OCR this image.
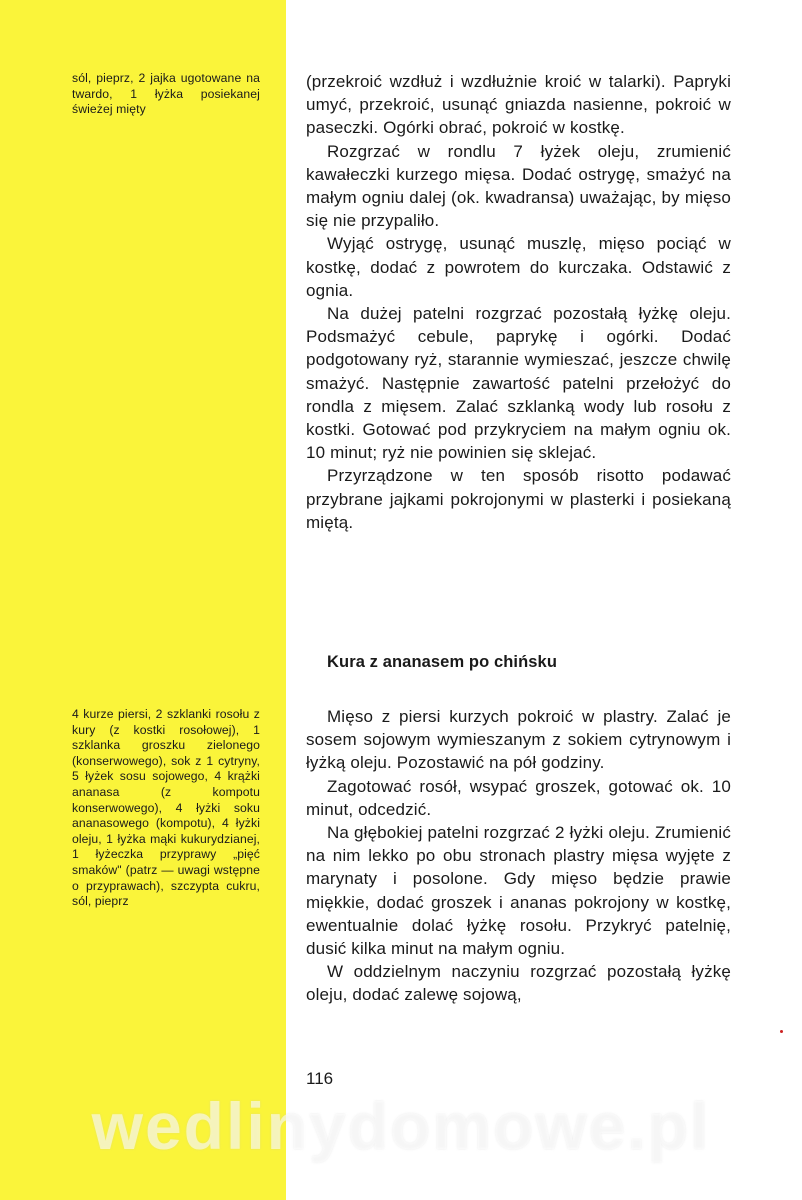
sól, pieprz, 2 jajka ugotowane na twardo, 1 łyżka posiekanej świeżej mięty
4 kurze piersi, 2 szklanki rosołu z kury (z kostki rosołowej), 1 szklanka groszku zielonego (konserwowego), sok z 1 cytryny, 5 łyżek sosu sojowego, 4 krążki ananasa (z kompotu konserwowego), 4 łyżki soku ananasowego (kompotu), 4 łyżki oleju, 1 łyżka mąki kukurydzianej, 1 łyżeczka przyprawy „pięć smaków" (patrz — uwagi wstępne o przyprawach), szczypta cukru, sól, pieprz

(przekroić wzdłuż i wzdłużnie kroić w talarki). Papryki umyć, przekroić, usunąć gniazda nasienne, pokroić w paseczki. Ogórki obrać, pokroić w kostkę.

Rozgrzać w rondlu 7 łyżek oleju, zrumienić kawałeczki kurzego mięsa. Dodać ostrygę, smażyć na małym ogniu dalej (ok. kwadransa) uważając, by mięso się nie przypaliło.

Wyjąć ostrygę, usunąć muszlę, mięso pociąć w kostkę, dodać z powrotem do kurczaka. Odstawić z ognia.

Na dużej patelni rozgrzać pozostałą łyżkę oleju. Podsmażyć cebule, paprykę i ogórki. Dodać podgotowany ryż, starannie wymieszać, jeszcze chwilę smażyć. Następnie zawartość patelni przełożyć do rondla z mięsem. Zalać szklanką wody lub rosołu z kostki. Gotować pod przykryciem na małym ogniu ok. 10 minut; ryż nie powinien się sklejać.

Przyrządzone w ten sposób risotto podawać przybrane jajkami pokrojonymi w plasterki i posiekaną miętą.

Kura z ananasem po chińsku

Mięso z piersi kurzych pokroić w plastry. Zalać je sosem sojowym wymieszanym z sokiem cytrynowym i łyżką oleju. Pozostawić na pół godziny.

Zagotować rosół, wsypać groszek, gotować ok. 10 minut, odcedzić.

Na głębokiej patelni rozgrzać 2 łyżki oleju. Zrumienić na nim lekko po obu stronach plastry mięsa wyjęte z marynaty i posolone. Gdy mięso będzie prawie miękkie, dodać groszek i ananas pokrojony w kostkę, ewentualnie dolać łyżkę rosołu. Przykryć patelnię, dusić kilka minut na małym ogniu.

W oddzielnym naczyniu rozgrzać pozostałą łyżkę oleju, dodać zalewę sojową,

116
wedlinydomowe.pl
